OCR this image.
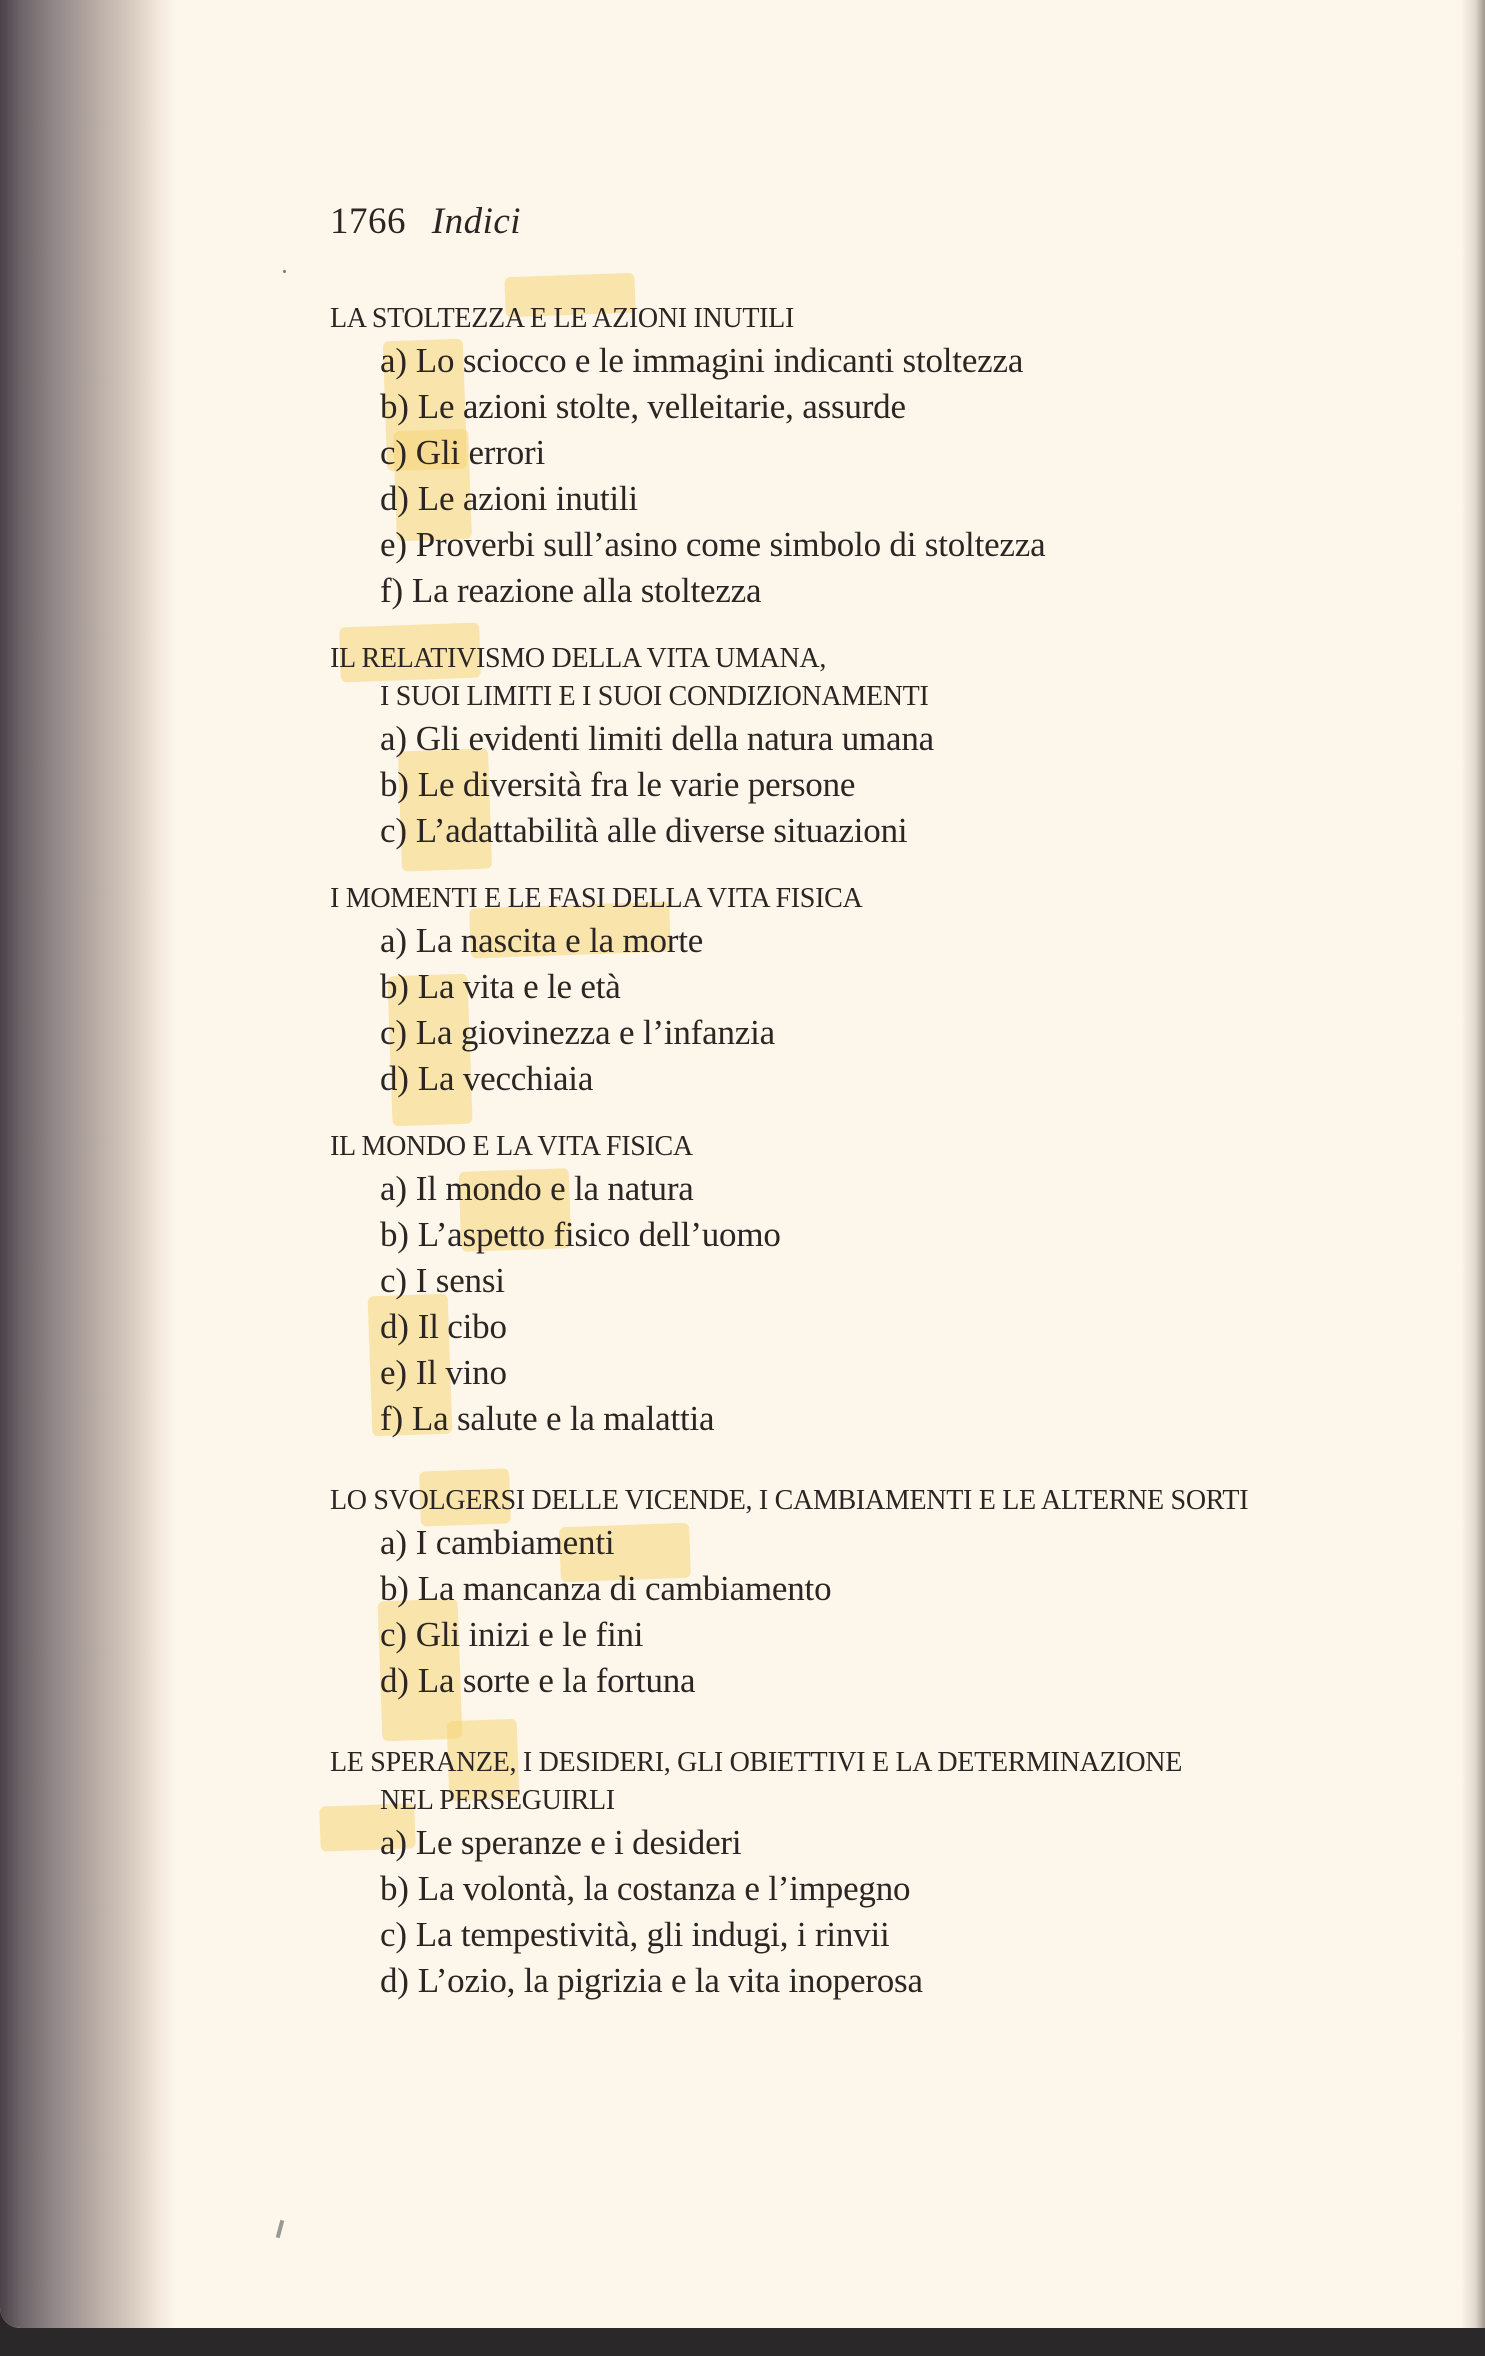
1766 Indici
LA STOLTEZZA E LE AZIONI INUTILI
a) Lo sciocco e le immagini indicanti stoltezza
b) Le azioni stolte, velleitarie, assurde
c) Gli errori
d) Le azioni inutili
e) Proverbi sull’asino come simbolo di stoltezza
f) La reazione alla stoltezza
IL RELATIVISMO DELLA VITA UMANA,
I SUOI LIMITI E I SUOI CONDIZIONAMENTI
a) Gli evidenti limiti della natura umana
b) Le diversità fra le varie persone
c) L’adattabilità alle diverse situazioni
I MOMENTI E LE FASI DELLA VITA FISICA
a) La nascita e la morte
b) La vita e le età
c) La giovinezza e l’infanzia
d) La vecchiaia
IL MONDO E LA VITA FISICA
a) Il mondo e la natura
b) L’aspetto fisico dell’uomo
c) I sensi
d) Il cibo
e) Il vino
f) La salute e la malattia
LO SVOLGERSI DELLE VICENDE, I CAMBIAMENTI E LE ALTERNE SORTI
a) I cambiamenti
b) La mancanza di cambiamento
c) Gli inizi e le fini
d) La sorte e la fortuna
LE SPERANZE, I DESIDERI, GLI OBIETTIVI E LA DETERMINAZIONE
NEL PERSEGUIRLI
a) Le speranze e i desideri
b) La volontà, la costanza e l’impegno
c) La tempestività, gli indugi, i rinvii
d) L’ozio, la pigrizia e la vita inoperosa
